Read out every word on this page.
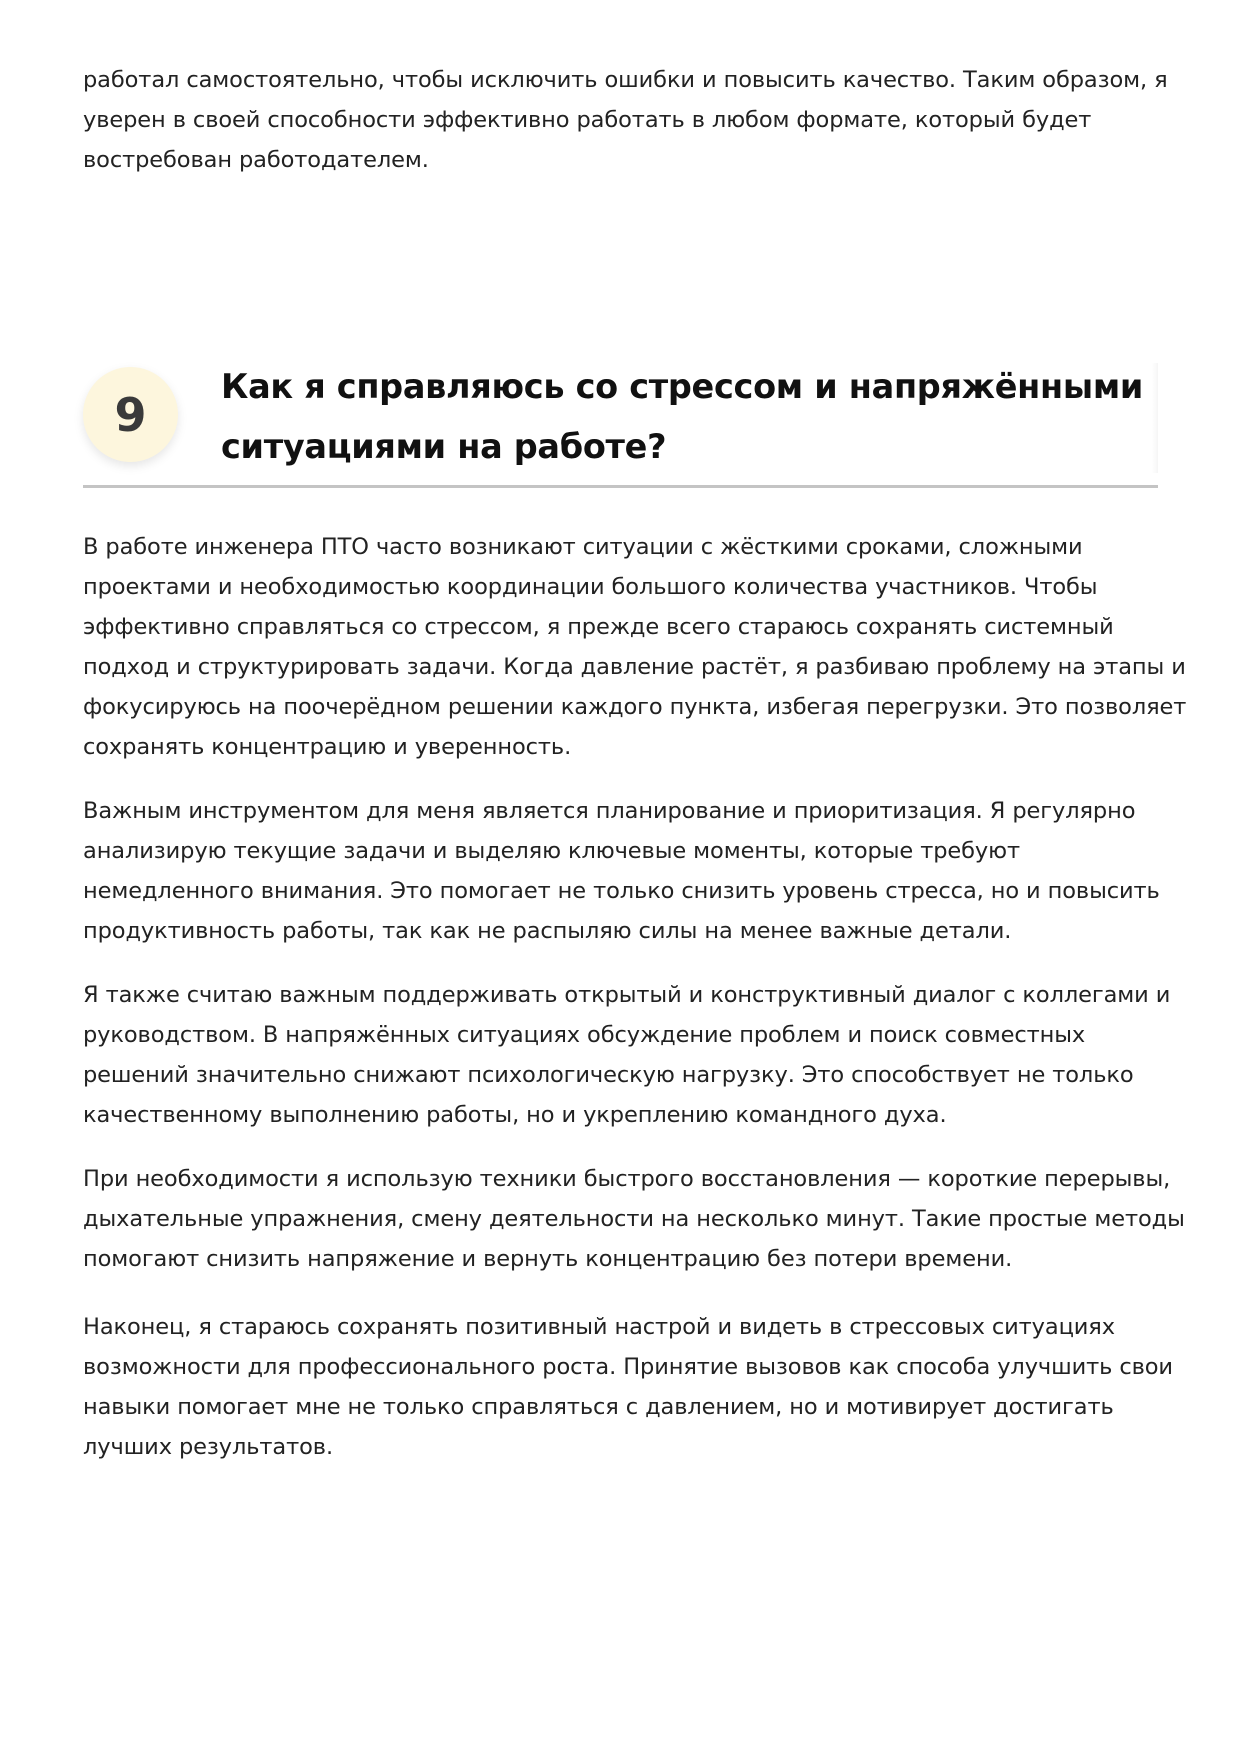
работал самостоятельно, чтобы исключить ошибки и повысить качество. Таким образом, я
уверен в своей способности эффективно работать в любом формате, который будет
востребован работодателем.
9
Как я справляюсь со стрессом и напряжёнными
ситуациями на работе?
В работе инженера ПТО часто возникают ситуации с жёсткими сроками, сложными
проектами и необходимостью координации большого количества участников. Чтобы
эффективно справляться со стрессом, я прежде всего стараюсь сохранять системный
подход и структурировать задачи. Когда давление растёт, я разбиваю проблему на этапы и
фокусируюсь на поочерёдном решении каждого пункта, избегая перегрузки. Это позволяет
сохранять концентрацию и уверенность.
Важным инструментом для меня является планирование и приоритизация. Я регулярно
анализирую текущие задачи и выделяю ключевые моменты, которые требуют
немедленного внимания. Это помогает не только снизить уровень стресса, но и повысить
продуктивность работы, так как не распыляю силы на менее важные детали.
Я также считаю важным поддерживать открытый и конструктивный диалог с коллегами и
руководством. В напряжённых ситуациях обсуждение проблем и поиск совместных
решений значительно снижают психологическую нагрузку. Это способствует не только
качественному выполнению работы, но и укреплению командного духа.
При необходимости я использую техники быстрого восстановления — короткие перерывы,
дыхательные упражнения, смену деятельности на несколько минут. Такие простые методы
помогают снизить напряжение и вернуть концентрацию без потери времени.
Наконец, я стараюсь сохранять позитивный настрой и видеть в стрессовых ситуациях
возможности для профессионального роста. Принятие вызовов как способа улучшить свои
навыки помогает мне не только справляться с давлением, но и мотивирует достигать
лучших результатов.
